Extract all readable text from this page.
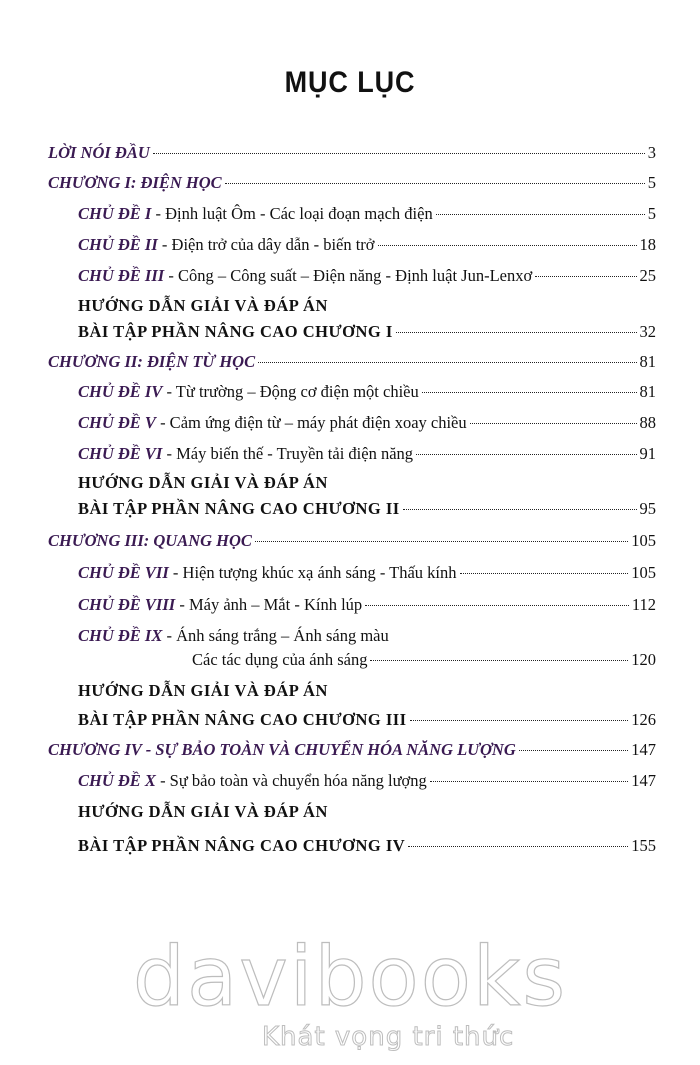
MỤC LỤC
LỜI NÓI ĐẦU	3
CHƯƠNG I: ĐIỆN HỌC	5
CHỦ ĐỀ I - Định luật Ôm - Các loại đoạn mạch điện	5
CHỦ ĐỀ II - Điện trở của dây dẫn - biến trở	18
CHỦ ĐỀ III - Công – Công suất – Điện năng - Định luật Jun-Lenxơ	25
HƯỚNG DẪN GIẢI VÀ ĐÁP ÁN
BÀI TẬP PHẦN NÂNG CAO CHƯƠNG I	32
CHƯƠNG II: ĐIỆN TỪ HỌC	81
CHỦ ĐỀ IV - Từ trường – Động cơ điện một chiều	81
CHỦ ĐỀ V - Cảm ứng điện từ – máy phát điện xoay chiều	88
CHỦ ĐỀ VI - Máy biến thế - Truyền tải điện năng	91
HƯỚNG DẪN GIẢI VÀ ĐÁP ÁN
BÀI TẬP PHẦN NÂNG CAO CHƯƠNG II	95
CHƯƠNG III: QUANG HỌC	105
CHỦ ĐỀ VII - Hiện tượng khúc xạ ánh sáng - Thấu kính	105
CHỦ ĐỀ VIII - Máy ảnh – Mắt - Kính lúp	112
CHỦ ĐỀ IX - Ánh sáng trắng – Ánh sáng màu
Các tác dụng của ánh sáng	120
HƯỚNG DẪN GIẢI VÀ ĐÁP ÁN
BÀI TẬP PHẦN NÂNG CAO CHƯƠNG III	126
CHƯƠNG IV - SỰ BẢO TOÀN VÀ CHUYỂN HÓA NĂNG LƯỢNG	147
CHỦ ĐỀ X - Sự bảo toàn và chuyển hóa năng lượng	147
HƯỚNG DẪN GIẢI VÀ ĐÁP ÁN
BÀI TẬP PHẦN NÂNG CAO CHƯƠNG IV	155
davibooks
Khát vọng tri thức
